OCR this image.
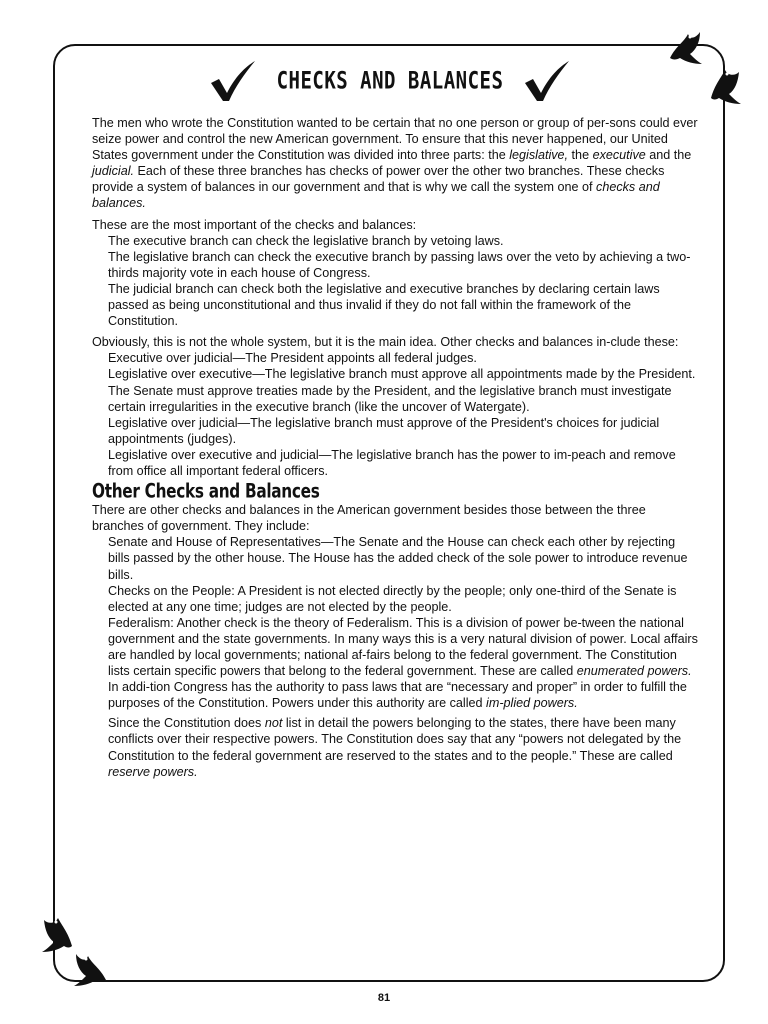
CHECKS AND BALANCES

The men who wrote the Constitution wanted to be certain that no one person or group of per-sons could ever seize power and control the new American government. To ensure that this never happened, our United States government under the Constitution was divided into three parts: the legislative, the executive and the judicial. Each of these three branches has checks of power over the other two branches. These checks provide a system of balances in our government and that is why we call the system one of checks and balances.

These are the most important of the checks and balances:

The executive branch can check the legislative branch by vetoing laws.

The legislative branch can check the executive branch by passing laws over the veto by achieving a two-thirds majority vote in each house of Congress.

The judicial branch can check both the legislative and executive branches by declaring certain laws passed as being unconstitutional and thus invalid if they do not fall within the framework of the Constitution.

Obviously, this is not the whole system, but it is the main idea. Other checks and balances in-clude these:

Executive over judicial—The President appoints all federal judges.

Legislative over executive—The legislative branch must approve all appointments made by the President. The Senate must approve treaties made by the President, and the legislative branch must investigate certain irregularities in the executive branch (like the uncover of Watergate).

Legislative over judicial—The legislative branch must approve of the President's choices for judicial appointments (judges).

Legislative over executive and judicial—The legislative branch has the power to im-peach and remove from office all important federal officers.

Other Checks and Balances

There are other checks and balances in the American government besides those between the three branches of government. They include:

Senate and House of Representatives—The Senate and the House can check each other by rejecting bills passed by the other house. The House has the added check of the sole power to introduce revenue bills.

Checks on the People: A President is not elected directly by the people; only one-third of the Senate is elected at any one time; judges are not elected by the people.

Federalism: Another check is the theory of Federalism. This is a division of power be-tween the national government and the state governments. In many ways this is a very natural division of power. Local affairs are handled by local governments; national af-fairs belong to the federal government. The Constitution lists certain specific powers that belong to the federal government. These are called enumerated powers. In addi-tion Congress has the authority to pass laws that are “necessary and proper” in order to fulfill the purposes of the Constitution. Powers under this authority are called im-plied powers.

Since the Constitution does not list in detail the powers belonging to the states, there have been many conflicts over their respective powers. The Constitution does say that any “powers not delegated by the Constitution to the federal government are reserved to the states and to the people.” These are called reserve powers.

81
